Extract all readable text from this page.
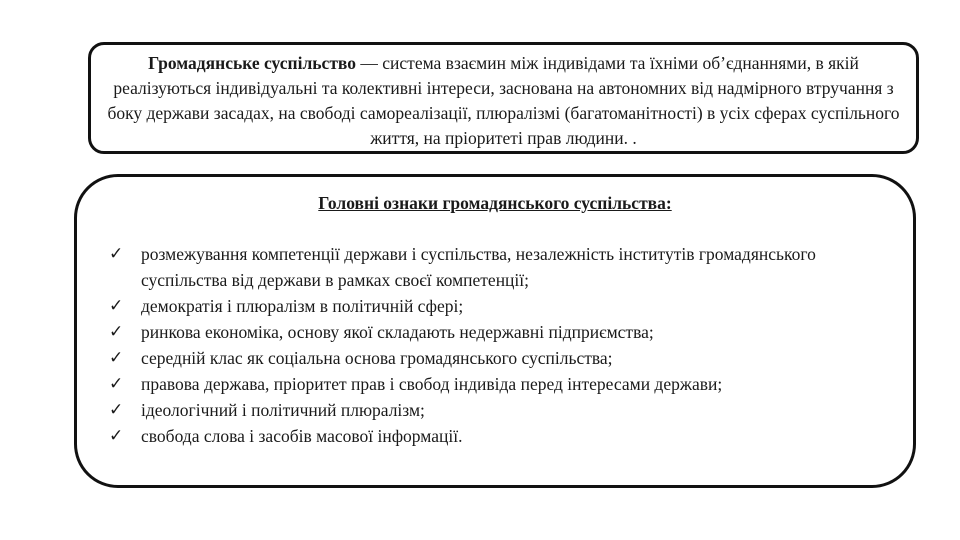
Громадянське суспільство — система взаємин між індивідами та їхніми об’єднаннями, в якій реалізуються індивідуальні та колективні інтереси, заснована на автономних від надмірного втручання з боку держави засадах, на свободі самореалізації, плюралізмі (багатоманітності) в усіх сферах суспільного життя, на пріоритеті прав людини. .
Головні ознаки громадянського суспільства:
✓	розмежування компетенції держави і суспільства, незалежність інститутів громадянського суспільства від держави в рамках своєї компетенції;
✓	демократія і плюралізм в політичній сфері;
✓	ринкова економіка, основу якої складають недержавні підприємства;
✓	середній клас як соціальна основа громадянського суспільства;
✓	правова держава, пріоритет прав і свобод індивіда перед інтересами держави;
✓	ідеологічний і політичний плюралізм;
✓	свобода слова і засобів масової інформації.
